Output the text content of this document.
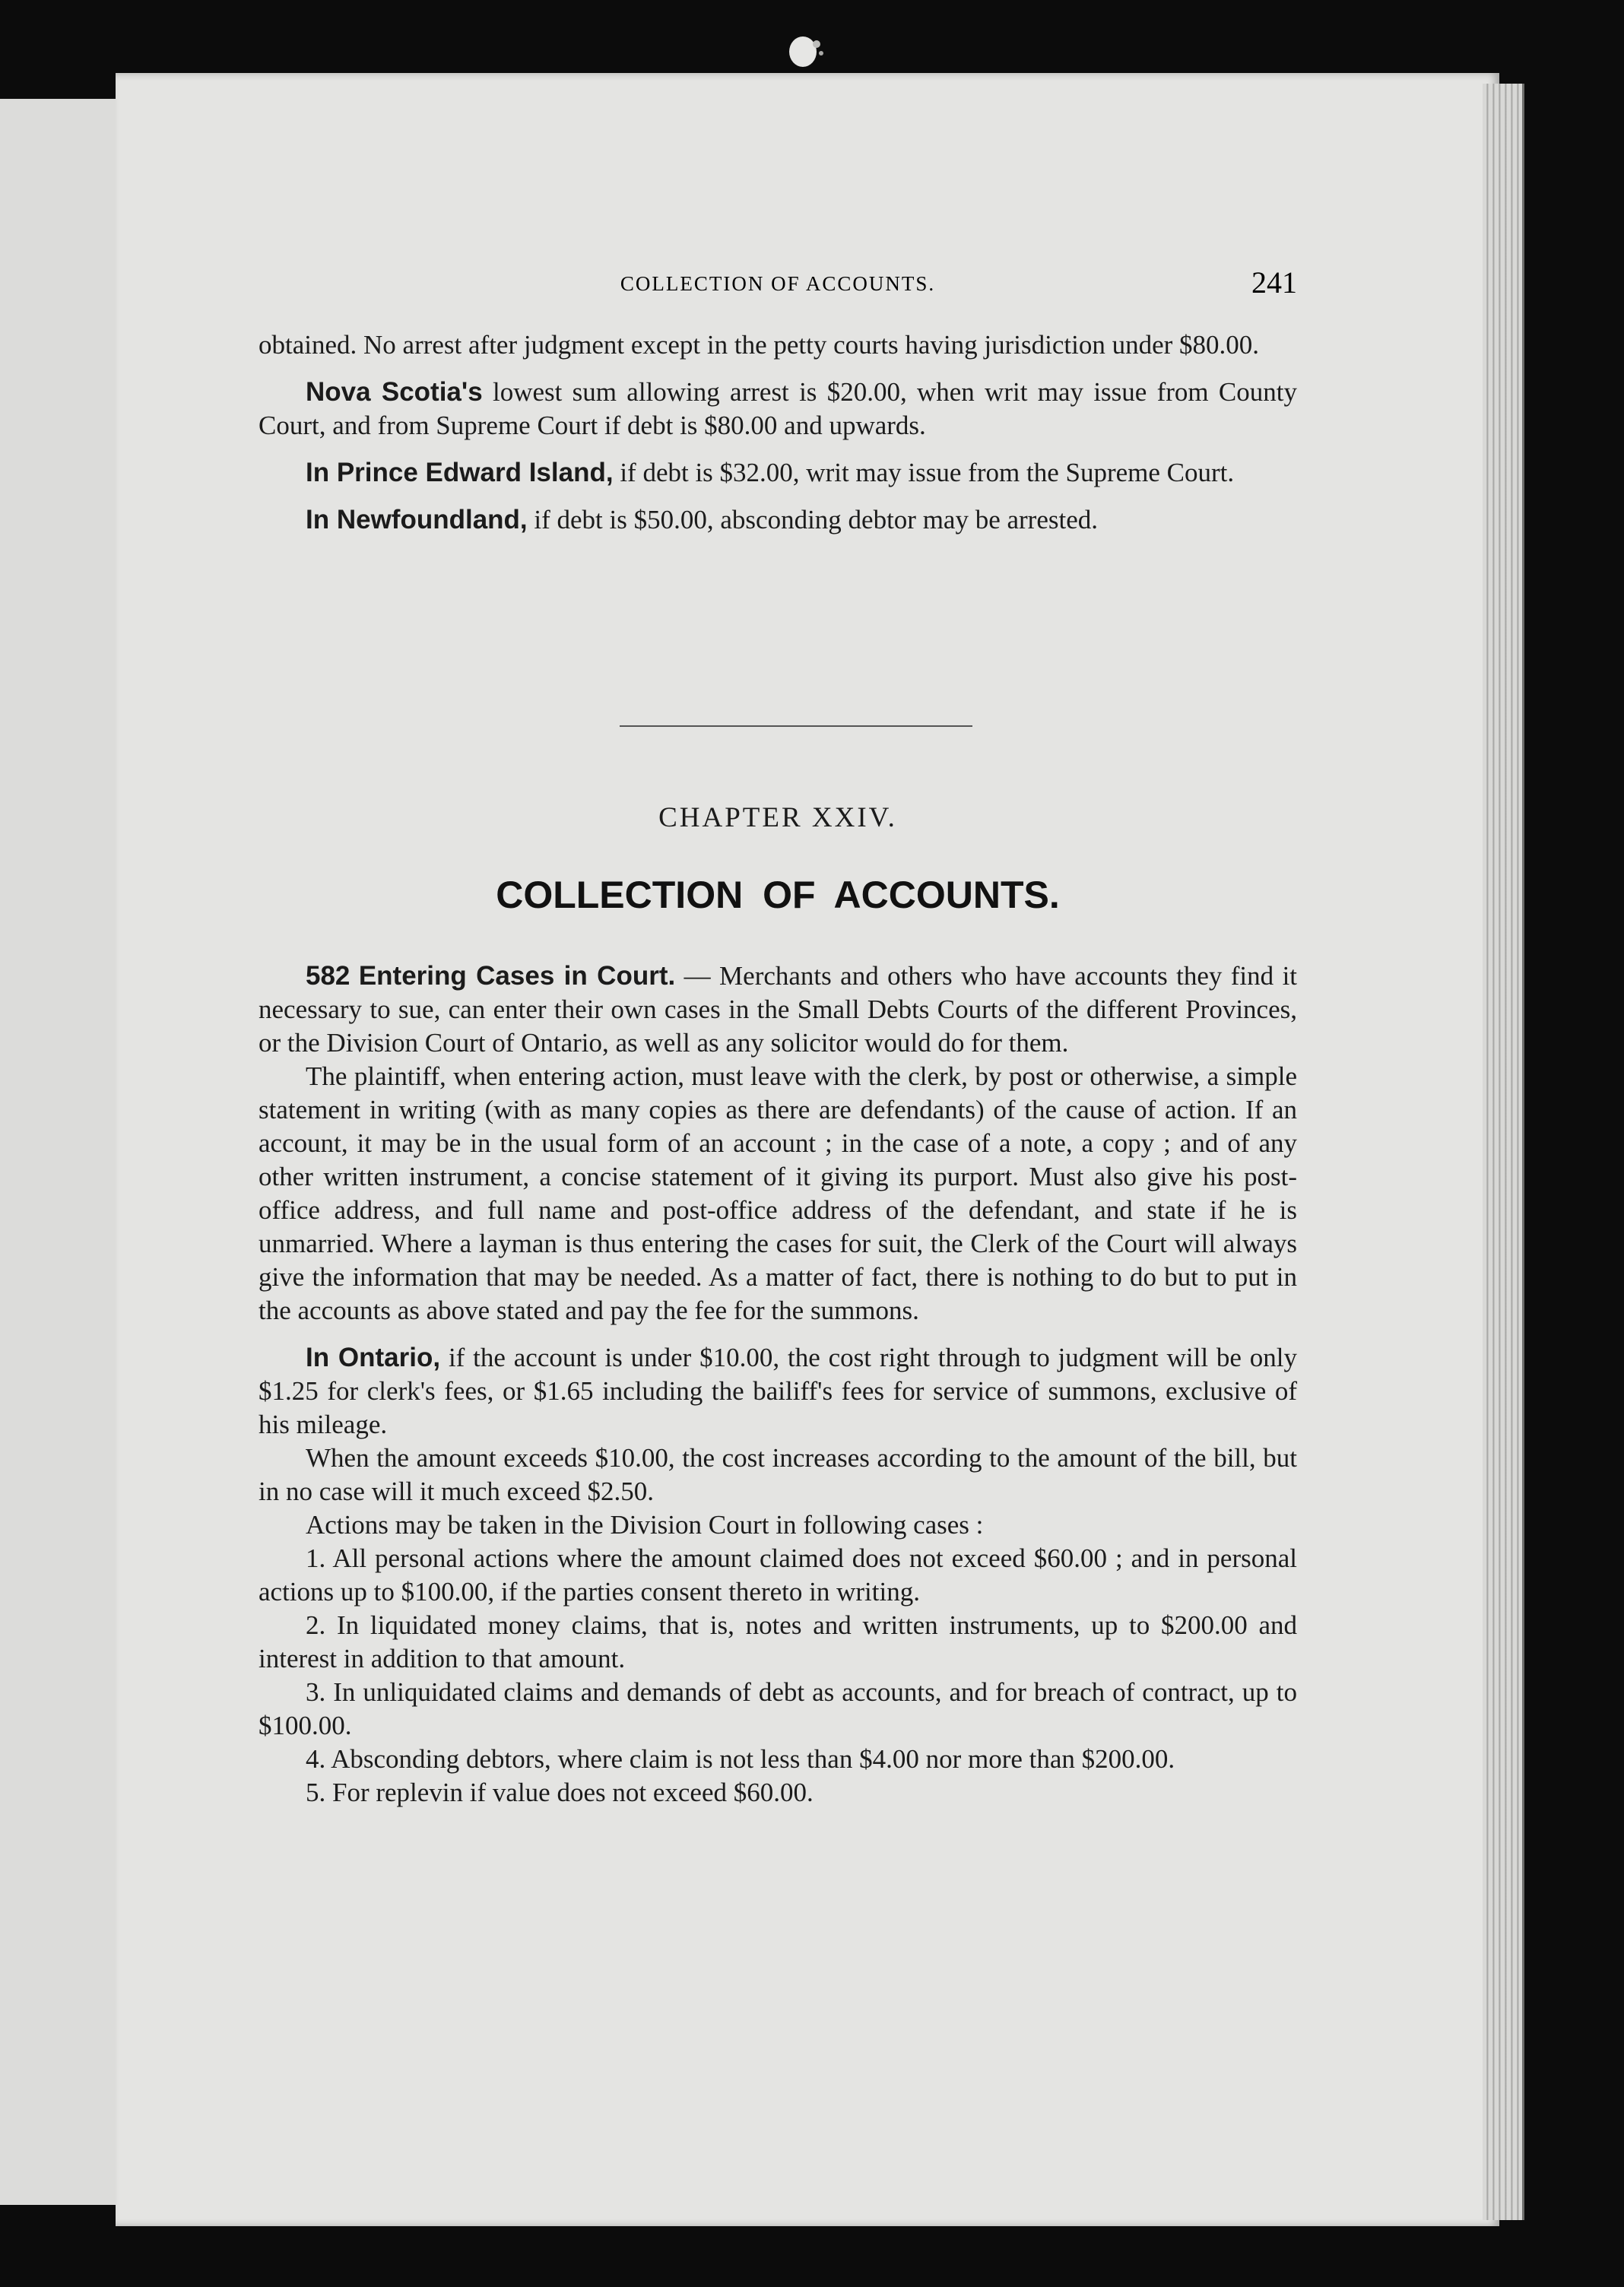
COLLECTION OF ACCOUNTS.	241

obtained. No arrest after judgment except in the petty courts having jurisdiction under $80.00.

Nova Scotia's lowest sum allowing arrest is $20.00, when writ may issue from County Court, and from Supreme Court if debt is $80.00 and upwards.

In Prince Edward Island, if debt is $32.00, writ may issue from the Supreme Court.

In Newfoundland, if debt is $50.00, absconding debtor may be arrested.

CHAPTER XXIV.
COLLECTION OF ACCOUNTS.

582 Entering Cases in Court. — Merchants and others who have accounts they find it necessary to sue, can enter their own cases in the Small Debts Courts of the different Provinces, or the Division Court of Ontario, as well as any solicitor would do for them.

The plaintiff, when entering action, must leave with the clerk, by post or otherwise, a simple statement in writing (with as many copies as there are defendants) of the cause of action. If an account, it may be in the usual form of an account ; in the case of a note, a copy ; and of any other written instrument, a concise statement of it giving its purport. Must also give his post-office address, and full name and post-office address of the defendant, and state if he is unmarried. Where a layman is thus entering the cases for suit, the Clerk of the Court will always give the information that may be needed. As a matter of fact, there is nothing to do but to put in the accounts as above stated and pay the fee for the summons.

In Ontario, if the account is under $10.00, the cost right through to judgment will be only $1.25 for clerk's fees, or $1.65 including the bailiff's fees for service of summons, exclusive of his mileage.

When the amount exceeds $10.00, the cost increases according to the amount of the bill, but in no case will it much exceed $2.50.

Actions may be taken in the Division Court in following cases :

1. All personal actions where the amount claimed does not exceed $60.00 ; and in personal actions up to $100.00, if the parties consent thereto in writing.

2. In liquidated money claims, that is, notes and written instruments, up to $200.00 and interest in addition to that amount.

3. In unliquidated claims and demands of debt as accounts, and for breach of contract, up to $100.00.

4. Absconding debtors, where claim is not less than $4.00 nor more than $200.00.

5. For replevin if value does not exceed $60.00.
